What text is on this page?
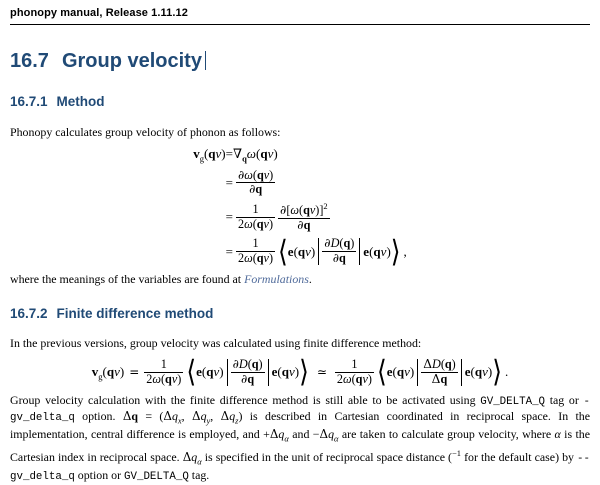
phonopy manual, Release 1.11.12
16.7 Group velocity
16.7.1 Method

Phonopy calculates group velocity of phonon as follows:

$v_g(q\nu) =\nabla_q\omega(q\nu)$
= $\frac{\partial\omega(q\nu)}{\partial q}$
= $\frac{1}{2\omega(q\nu)} \frac{\partial[\omega(q\nu)]^2}{\partial q}$
= $\frac{1}{2\omega(q\nu)}$ ⟨ $e(q\nu) \frac{\partial D(q)}{\partial q} e(q\nu)$ ⟩ ,

where the meanings of the variables are found at Formulations.

16.7.2 Finite difference method

In the previous versions, group velocity was calculated using finite difference method:

$v_g(q\nu) = \frac{1}{2\omega(q\nu)}$ ⟨ $e(q\nu) \frac{\partial D(q)}{\partial q} e(q\nu)$ ⟩ ≃ $\frac{1}{2\omega(q\nu)}$ ⟨ $e(q\nu) \frac{\Delta D(q)}{\Delta q} e(q\nu)$ ⟩ .

Group velocity calculation with the finite difference method is still able to be activated using GV_DELTA_Q tag or -gv_delta_q option. $\Delta q = (\Delta q_x$, $\Delta q_y$, $\Delta q_z$) is described in Cartesian coordinated in reciprocal space. In the implementation, central difference is employed, and $+\Delta q_\alpha$ and $-\Delta q_\alpha$ are taken to calculate group velocity, where α is the Cartesian index in reciprocal space. $\Delta q_\alpha$ is specified in the unit of reciprocal space distance ($^{-1}$ for the default case) by --gv_delta_q option or GV_DELTA_Q tag.
